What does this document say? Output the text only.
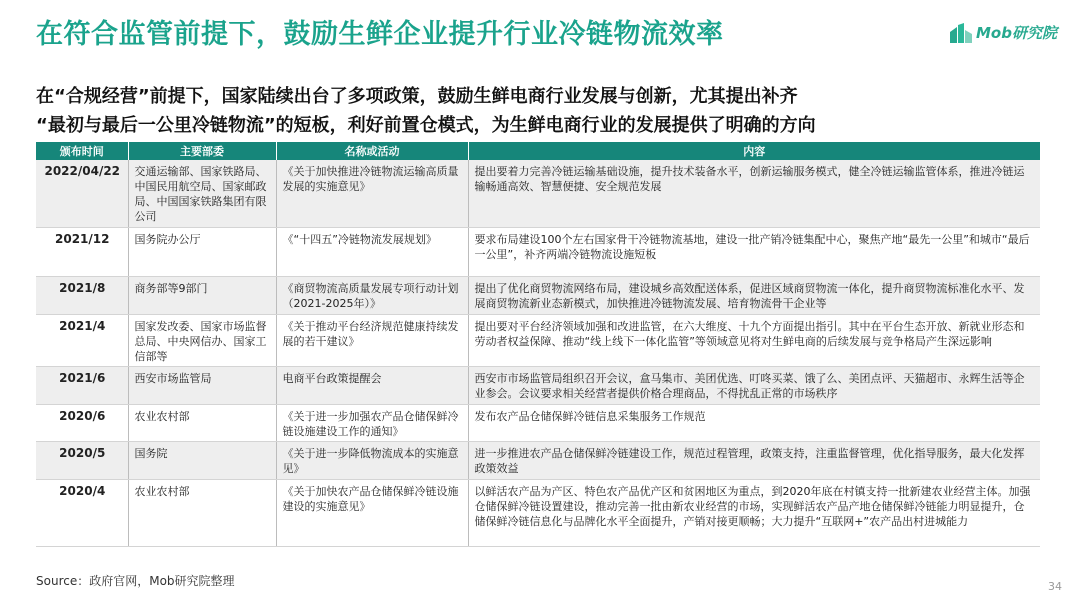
在符合监管前提下，鼓励生鲜企业提升行业冷链物流效率	Mob研究院
在“合规经营”前提下，国家陆续出台了多项政策，鼓励生鲜电商行业发展与创新，尤其提出补齐
“最初与最后一公里冷链物流”的短板，利好前置仓模式，为生鲜电商行业的发展提供了明确的方向
颁布时间	主要部委	名称或活动	内容
2022/04/22	交通运输部、国家铁路局、中国民用航空局、国家邮政局、中国国家铁路集团有限公司	《关于加快推进冷链物流运输高质量发展的实施意见》	提出要着力完善冷链运输基础设施，提升技术装备水平，创新运输服务模式，健全冷链运输监管体系，推进冷链运输畅通高效、智慧便捷、安全规范发展
2021/12	国务院办公厅	《“十四五”冷链物流发展规划》	要求布局建设100个左右国家骨干冷链物流基地，建设一批产销冷链集配中心，聚焦产地“最先一公里”和城市“最后一公里”，补齐两端冷链物流设施短板
2021/8	商务部等9部门	《商贸物流高质量发展专项行动计划（2021-2025年）》	提出了优化商贸物流网络布局，建设城乡高效配送体系，促进区域商贸物流一体化，提升商贸物流标准化水平、发展商贸物流新业态新模式，加快推进冷链物流发展、培育物流骨干企业等
2021/4	国家发改委、国家市场监督总局、中央网信办、国家工信部等	《关于推动平台经济规范健康持续发展的若干建议》	提出要对平台经济领域加强和改进监管，在六大维度、十九个方面提出指引。其中在平台生态开放、新就业形态和劳动者权益保障、推动“线上线下一体化监管”等领域意见将对生鲜电商的后续发展与竞争格局产生深远影响
2021/6	西安市场监管局	电商平台政策提醒会	西安市市场监管局组织召开会议，盒马集市、美团优选、叮咚买菜、饿了么、美团点评、天猫超市、永辉生活等企业参会。会议要求相关经营者提供价格合理商品，不得扰乱正常的市场秩序
2020/6	农业农村部	《关于进一步加强农产品仓储保鲜冷链设施建设工作的通知》	发布农产品仓储保鲜冷链信息采集服务工作规范
2020/5	国务院	《关于进一步降低物流成本的实施意见》	进一步推进农产品仓储保鲜冷链建设工作，规范过程管理，政策支持，注重监督管理，优化指导服务，最大化发挥政策效益
2020/4	农业农村部	《关于加快农产品仓储保鲜冷链设施建设的实施意见》	以鲜活农产品为产区、特色农产品优产区和贫困地区为重点，到2020年底在村镇支持一批新建农业经营主体。加强仓储保鲜冷链设置建设，推动完善一批由新农业经营的市场，实现鲜活农产品产地仓储保鲜冷链能力明显提升，仓储保鲜冷链信息化与品牌化水平全面提升，产销对接更顺畅；大力提升“互联网+”农产品出村进城能力
Source：政府官网，Mob研究院整理	34
